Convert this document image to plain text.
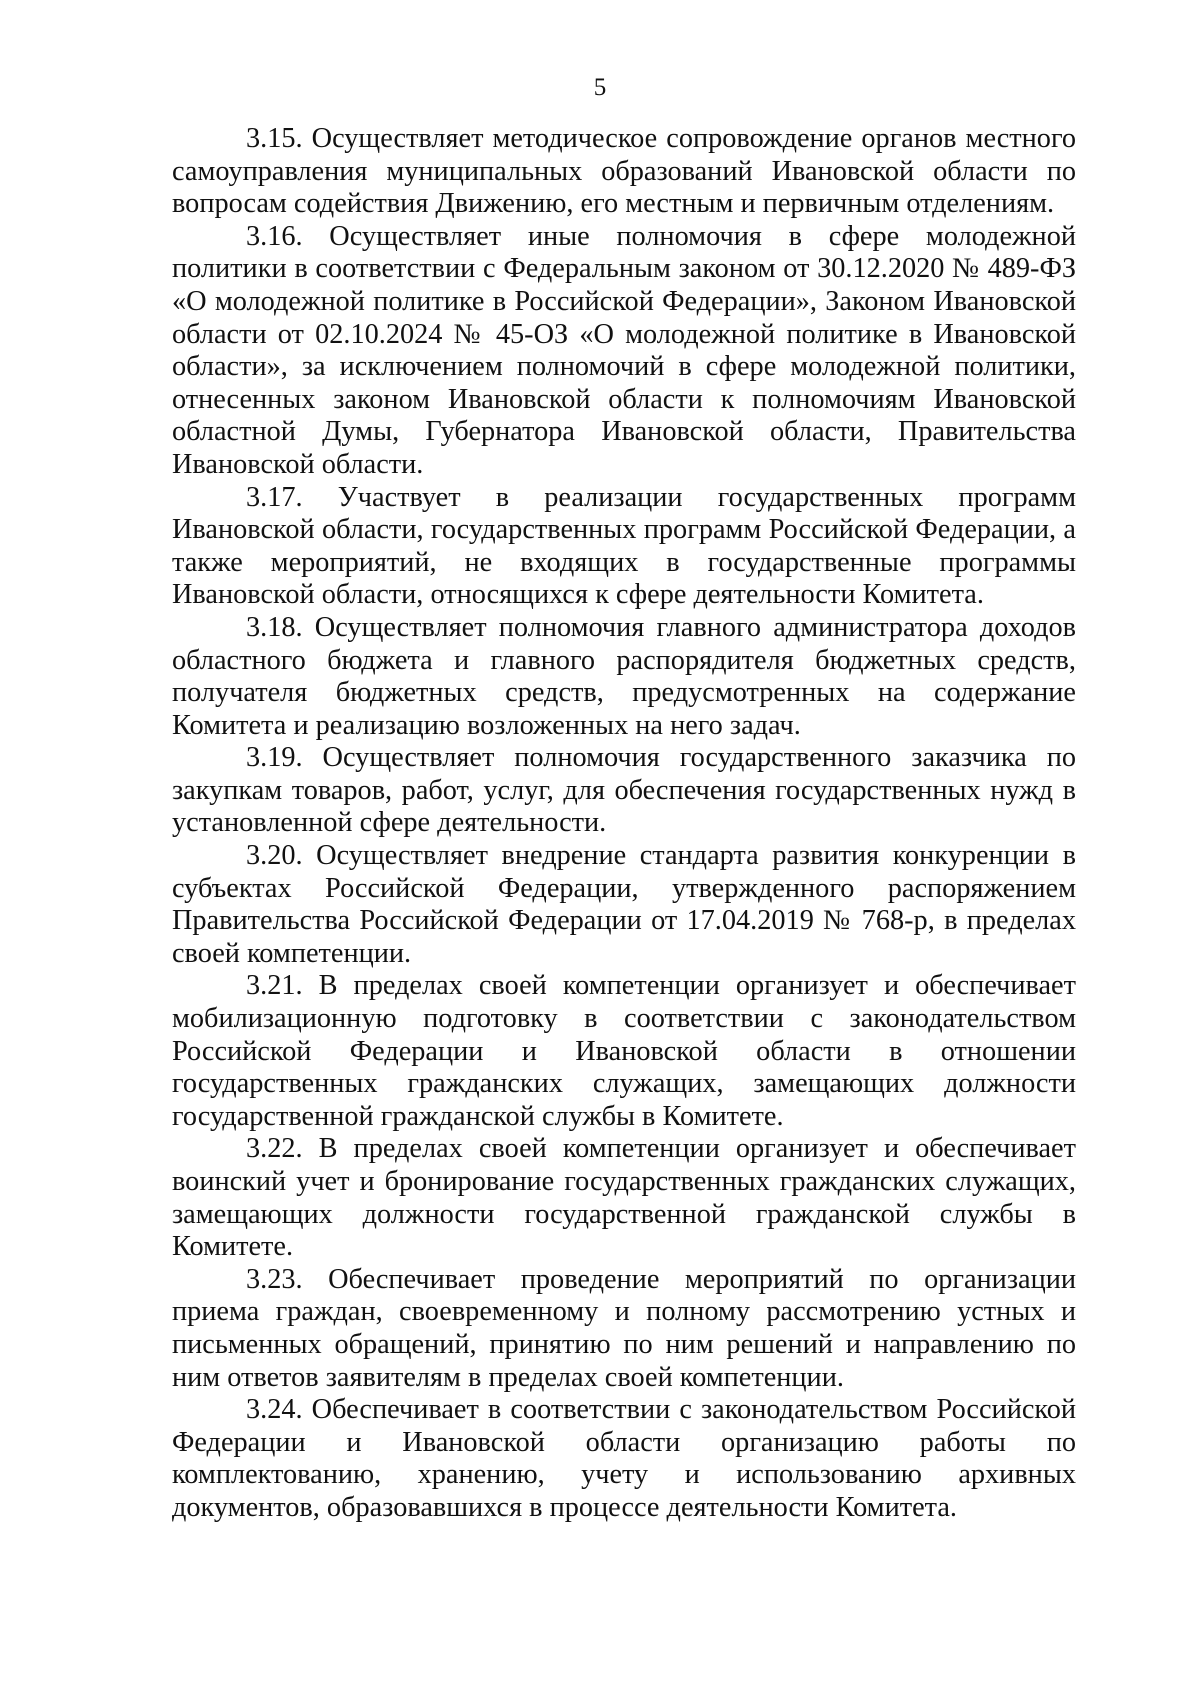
5

3.15. Осуществляет методическое сопровождение органов местного самоуправления муниципальных образований Ивановской области по вопросам содействия Движению, его местным и первичным отделениям.

3.16. Осуществляет иные полномочия в сфере молодежной политики в соответствии с Федеральным законом от 30.12.2020 № 489-ФЗ «О молодежной политике в Российской Федерации», Законом Ивановской области от 02.10.2024 № 45-ОЗ «О молодежной политике в Ивановской области», за исключением полномочий в сфере молодежной политики, отнесенных законом Ивановской области к полномочиям Ивановской областной Думы, Губернатора Ивановской области, Правительства Ивановской области.

3.17. Участвует в реализации государственных программ Ивановской области, государственных программ Российской Федерации, а также мероприятий, не входящих в государственные программы Ивановской области, относящихся к сфере деятельности Комитета.

3.18. Осуществляет полномочия главного администратора доходов областного бюджета и главного распорядителя бюджетных средств, получателя бюджетных средств, предусмотренных на содержание Комитета и реализацию возложенных на него задач.

3.19. Осуществляет полномочия государственного заказчика по закупкам товаров, работ, услуг, для обеспечения государственных нужд в установленной сфере деятельности.

3.20. Осуществляет внедрение стандарта развития конкуренции в субъектах Российской Федерации, утвержденного распоряжением Правительства Российской Федерации от 17.04.2019 № 768-р, в пределах своей компетенции.

3.21. В пределах своей компетенции организует и обеспечивает мобилизационную подготовку в соответствии с законодательством Российской Федерации и Ивановской области в отношении государственных гражданских служащих, замещающих должности государственной гражданской службы в Комитете.

3.22. В пределах своей компетенции организует и обеспечивает воинский учет и бронирование государственных гражданских служащих, замещающих должности государственной гражданской службы в Комитете.

3.23. Обеспечивает проведение мероприятий по организации приема граждан, своевременному и полному рассмотрению устных и письменных обращений, принятию по ним решений и направлению по ним ответов заявителям в пределах своей компетенции.

3.24. Обеспечивает в соответствии с законодательством Российской Федерации и Ивановской области организацию работы по комплектованию, хранению, учету и использованию архивных документов, образовавшихся в процессе деятельности Комитета.
